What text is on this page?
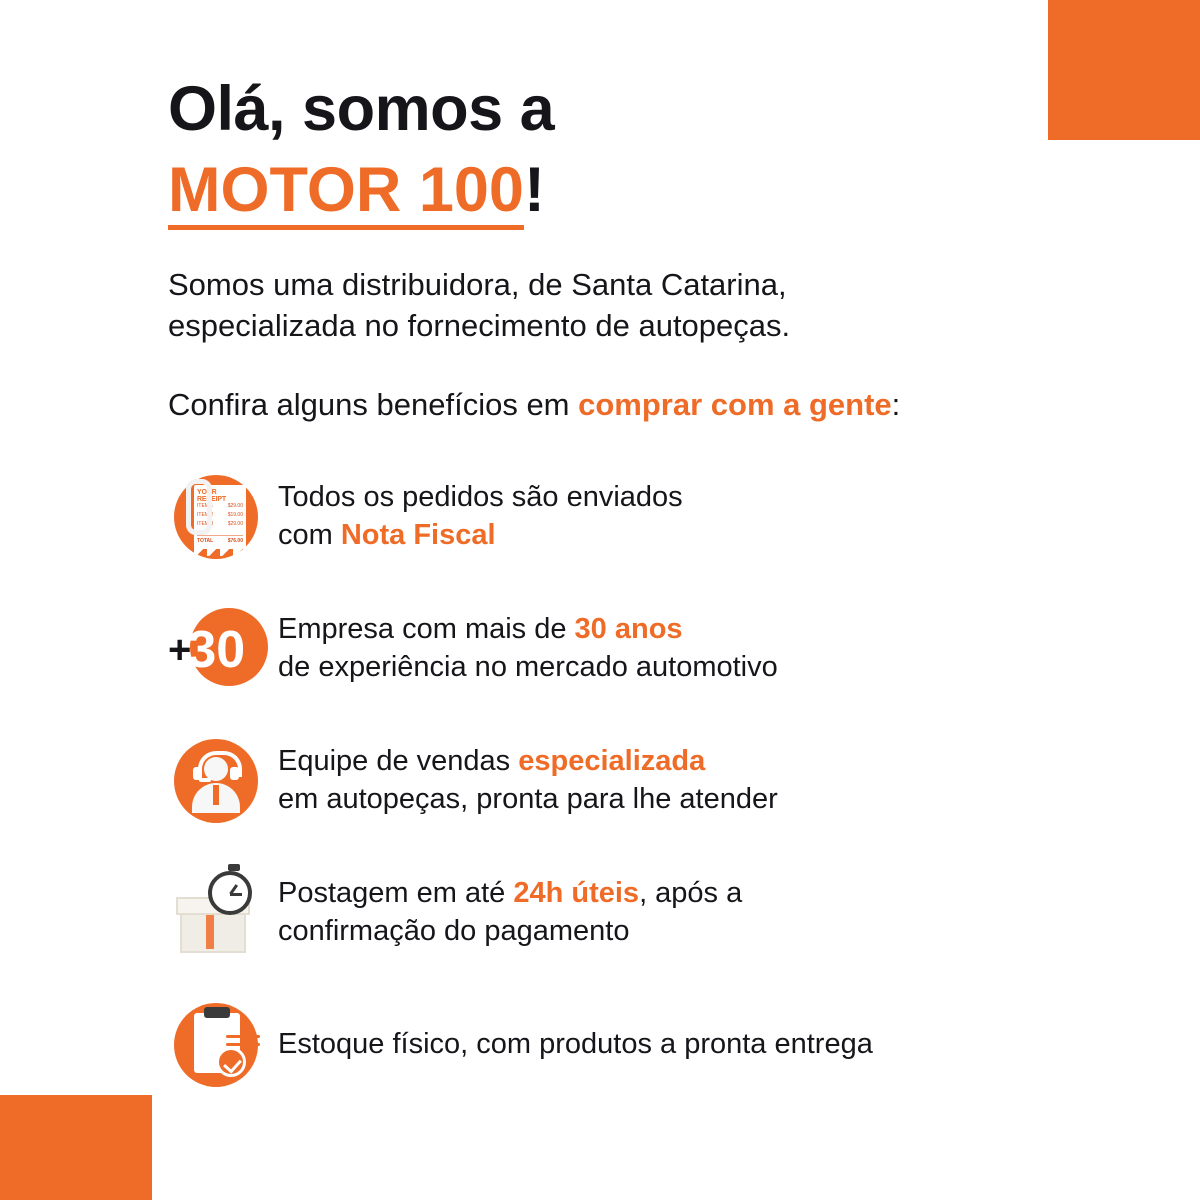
Olá, somos a
MOTOR 100 !

Somos uma distribuidora, de Santa Catarina,
especializada no fornecimento de autopeças.

Confira alguns benefícios em comprar com a gente:

YOUR RECEIPT
ITEM 1	$29.00
ITEM 2	$19.00
ITEM 3	$29.00
TOTAL	$76.00
Todos os pedidos são enviados
com Nota Fiscal
+
30 Empresa com mais de 30 anos
de experiência no mercado automotivo
Equipe de vendas especializada
em autopeças, pronta para lhe atender
Postagem em até 24h úteis, após a
confirmação do pagamento
Estoque físico, com produtos a pronta entrega
